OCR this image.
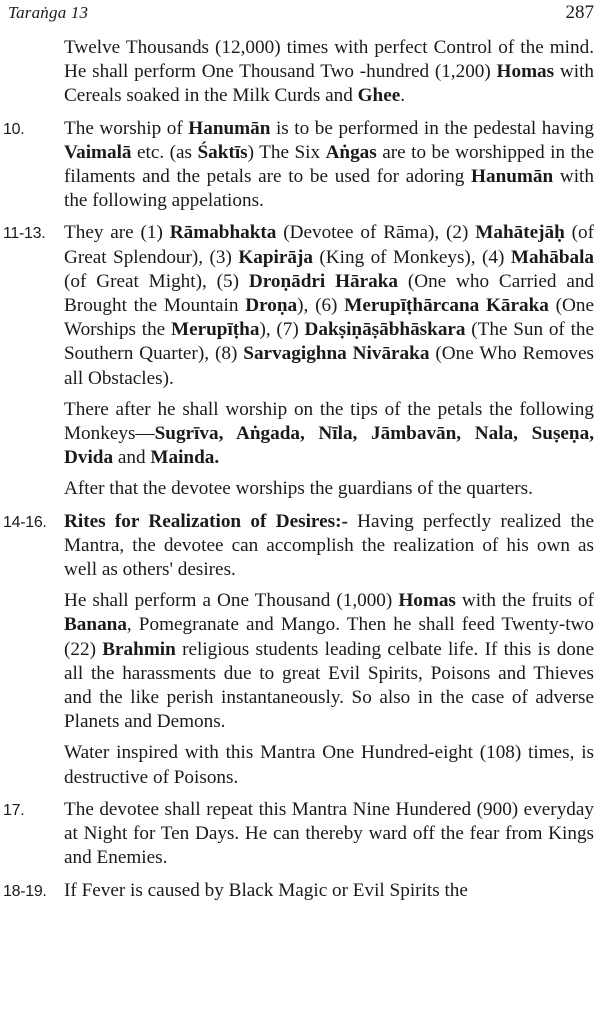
Taraṅga 13	287

Twelve Thousands (12,000) times with perfect Control of the mind. He shall perform One Thousand Two -hundred (1,200) Homas with Cereals soaked in the Milk Curds and Ghee.

10. The worship of Hanumān is to be performed in the pedestal having Vaimalā etc. (as Śaktīs) The Six Aṅgas are to be worshipped in the filaments and the petals are to be used for adoring Hanumān with the following appelations.

11-13. They are (1) Rāmabhakta (Devotee of Rāma), (2) Mahātejāḥ (of Great Splendour), (3) Kapirāja (King of Monkeys), (4) Mahābala (of Great Might), (5) Droṇādri Hāraka (One who Carried and Brought the Mountain Droṇa), (6) Merupīṭhārcana Kāraka (One Worships the Merupīṭha), (7) Dakṣiṇāṣābhāskara (The Sun of the Southern Quarter), (8) Sarvagighna Nivāraka (One Who Removes all Obstacles).

There after he shall worship on the tips of the petals the following Monkeys—Sugrīva, Aṅgada, Nīla, Jāmbavān, Nala, Suṣeṇa, Dvida and Mainda.

After that the devotee worships the guardians of the quarters.

14-16. Rites for Realization of Desires:- Having perfectly realized the Mantra, the devotee can accomplish the realization of his own as well as others' desires.

He shall perform a One Thousand (1,000) Homas with the fruits of Banana, Pomegranate and Mango. Then he shall feed Twenty-two (22) Brahmin religious students leading celbate life. If this is done all the harassments due to great Evil Spirits, Poisons and Thieves and the like perish instantaneously. So also in the case of adverse Planets and Demons.

Water inspired with this Mantra One Hundred-eight (108) times, is destructive of Poisons.

17. The devotee shall repeat this Mantra Nine Hundered (900) everyday at Night for Ten Days. He can thereby ward off the fear from Kings and Enemies.

18-19. If Fever is caused by Black Magic or Evil Spirits the
